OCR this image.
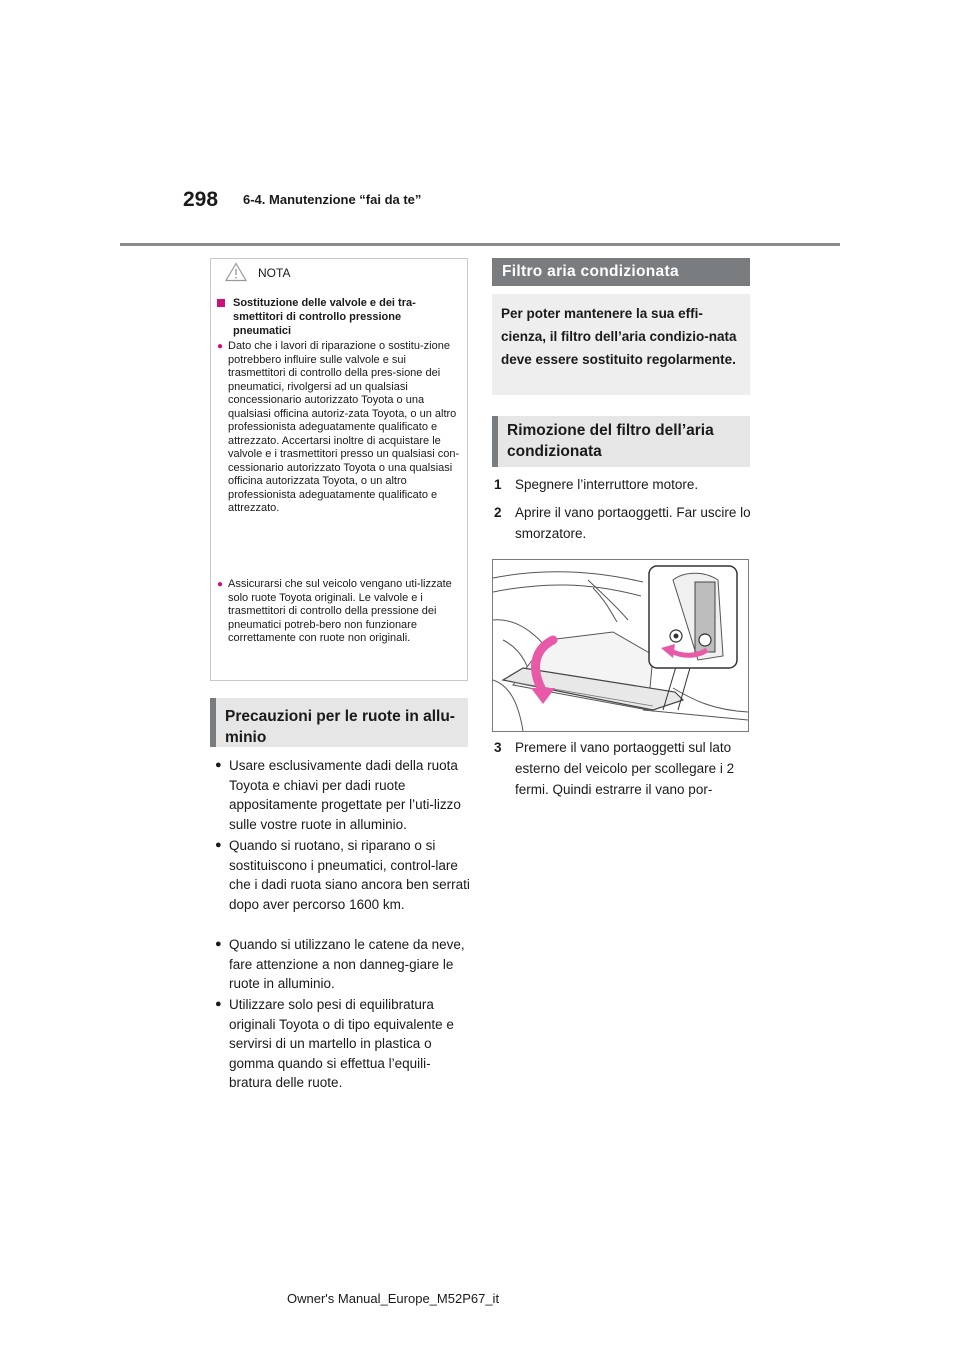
298 6-4. Manutenzione “fai da te”
NOTA
Sostituzione delle valvole e dei tra-smettitori di controllo pressione pneumatici
● Dato che i lavori di riparazione o sostitu-zione potrebbero influire sulle valvole e sui trasmettitori di controllo della pres-sione dei pneumatici, rivolgersi ad un qualsiasi concessionario autorizzato Toyota o una qualsiasi officina autoriz-zata Toyota, o un altro professionista adeguatamente qualificato e attrezzato. Accertarsi inoltre di acquistare le valvole e i trasmettitori presso un qualsiasi con-cessionario autorizzato Toyota o una qualsiasi officina autorizzata Toyota, o un altro professionista adeguatamente qualificato e attrezzato.
● Assicurarsi che sul veicolo vengano uti-lizzate solo ruote Toyota originali. Le valvole e i trasmettitori di controllo della pressione dei pneumatici potreb-bero non funzionare correttamente con ruote non originali.
Precauzioni per le ruote in allu-minio
● Usare esclusivamente dadi della ruota Toyota e chiavi per dadi ruote appositamente progettate per l’uti-lizzo sulle vostre ruote in alluminio.
● Quando si ruotano, si riparano o si sostituiscono i pneumatici, control-lare che i dadi ruota siano ancora ben serrati dopo aver percorso 1600 km.
● Quando si utilizzano le catene da neve, fare attenzione a non danneg-giare le ruote in alluminio.
● Utilizzare solo pesi di equilibratura originali Toyota o di tipo equivalente e servirsi di un martello in plastica o gomma quando si effettua l’equili-bratura delle ruote.
Filtro aria condizionata
Per poter mantenere la sua effi-cienza, il filtro dell’aria condizio-nata deve essere sostituito regolarmente.
Rimozione del filtro dell’aria condizionata
1 Spegnere l’interruttore motore.
2 Aprire il vano portaoggetti. Far uscire lo smorzatore.
3 Premere il vano portaoggetti sul lato esterno del veicolo per scollegare i 2 fermi. Quindi estrarre il vano por-
Owner's Manual_Europe_M52P67_it
